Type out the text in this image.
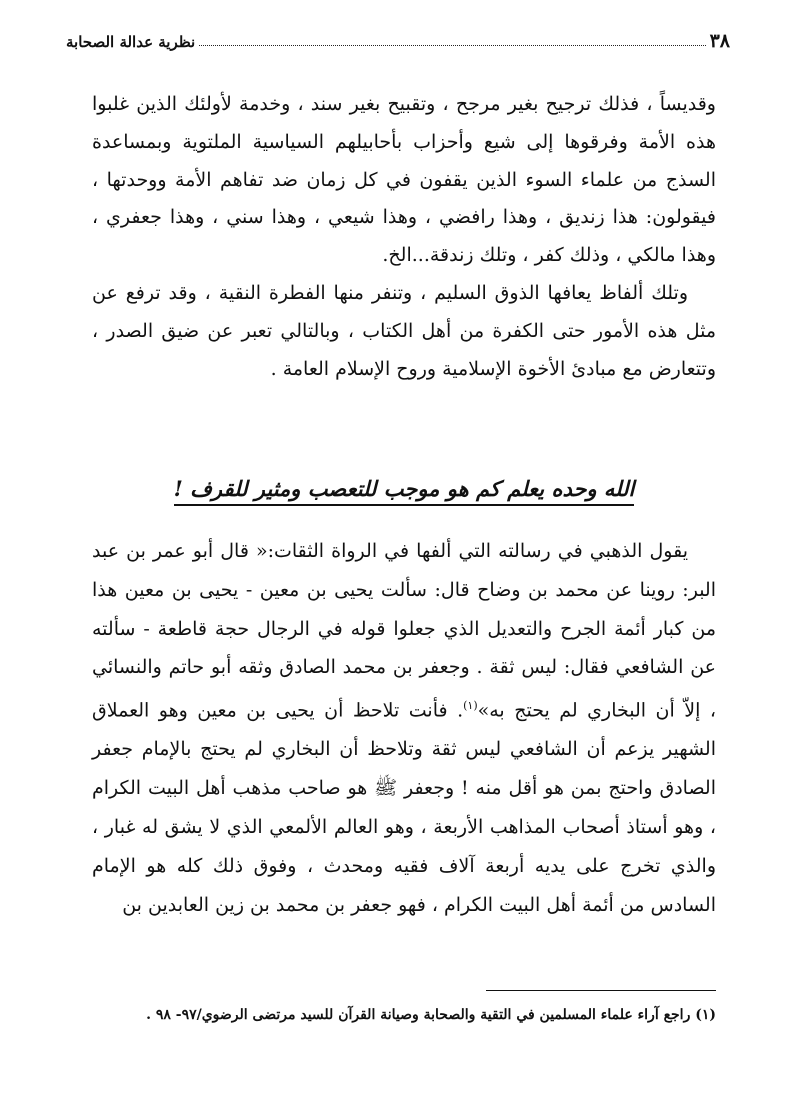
٣٨
نظرية عدالة الصحابة

وقديساً ، فذلك ترجيح بغير مرجح ، وتقبيح بغير سند ، وخدمة لأولئك الذين غلبوا هذه الأمة وفرقوها إلى شيع وأحزاب بأحابيلهم السياسية الملتوية وبمساعدة السذج من علماء السوء الذين يقفون في كل زمان ضد تفاهم الأمة ووحدتها ، فيقولون: هذا زنديق ، وهذا رافضي ، وهذا شيعي ، وهذا سني ، وهذا جعفري ، وهذا مالكي ، وذلك كفر ، وتلك زندقة...الخ.

وتلك ألفاظ يعافها الذوق السليم ، وتنفر منها الفطرة النقية ، وقد ترفع عن مثل هذه الأمور حتى الكفرة من أهل الكتاب ، وبالتالي تعبر عن ضيق الصدر ، وتتعارض مع مبادئ الأخوة الإسلامية وروح الإسلام العامة .

الله وحده يعلم كم هو موجب للتعصب ومثير للقرف !

يقول الذهبي في رسالته التي ألفها في الرواة الثقات:« قال أبو عمر بن عبد البر: روينا عن محمد بن وضاح قال: سألت يحيى بن معين - يحيى بن معين هذا من كبار أئمة الجرح والتعديل الذي جعلوا قوله في الرجال حجة قاطعة - سألته عن الشافعي فقال: ليس ثقة . وجعفر بن محمد الصادق وثقه أبو حاتم والنسائي ، إلاّ أن البخاري لم يحتج به»$^{(١)}$. فأنت تلاحظ أن يحيى بن معين وهو العملاق الشهير يزعم أن الشافعي ليس ثقة وتلاحظ أن البخاري لم يحتج بالإمام جعفر الصادق واحتج بمن هو أقل منه ! وجعفر ﷺ هو صاحب مذهب أهل البيت الكرام ، وهو أستاذ أصحاب المذاهب الأربعة ، وهو العالم الألمعي الذي لا يشق له غبار ، والذي تخرج على يديه أربعة آلاف فقيه ومحدث ، وفوق ذلك كله هو الإمام السادس من أئمة أهل البيت الكرام ، فهو جعفر بن محمد بن زين العابدين بن

(١) راجع آراء علماء المسلمين في التقية والصحابة وصيانة القرآن للسيد مرتضى الرضوي/٩٧- ٩٨ .
